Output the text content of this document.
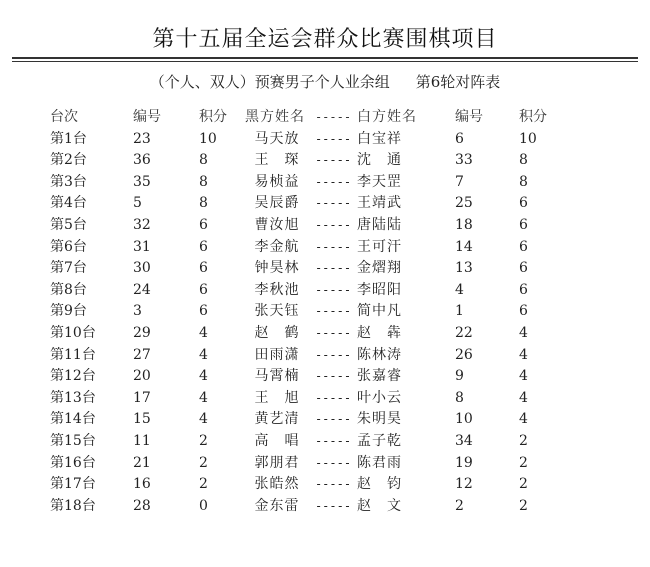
第十五届全运会群众比赛围棋项目
（个人、双人）预赛男子个人业余组 第6轮对阵表
台次	编号	积分	黑方姓名	-----	白方姓名	编号	积分
第1台	23	10	马天放	-----	白宝祥	6	10
第2台	36	8	王　琛	-----	沈　通	33	8
第3台	35	8	易桢益	-----	李天罡	7	8
第4台	5	8	吴辰爵	-----	王靖武	25	6
第5台	32	6	曹汝旭	-----	唐陆陆	18	6
第6台	31	6	李金航	-----	王可汗	14	6
第7台	30	6	钟昊林	-----	金熠翔	13	6
第8台	24	6	李秋池	-----	李昭阳	4	6
第9台	3	6	张天钰	-----	简中凡	1	6
第10台	29	4	赵　鹤	-----	赵　犇	22	4
第11台	27	4	田雨潇	-----	陈林涛	26	4
第12台	20	4	马霄楠	-----	张嘉睿	9	4
第13台	17	4	王　旭	-----	叶小云	8	4
第14台	15	4	黄艺清	-----	朱明昊	10	4
第15台	11	2	高　唱	-----	孟子乾	34	2
第16台	21	2	郭朋君	-----	陈君雨	19	2
第17台	16	2	张皓然	-----	赵　钧	12	2
第18台	28	0	金东雷	-----	赵　文	2	2
